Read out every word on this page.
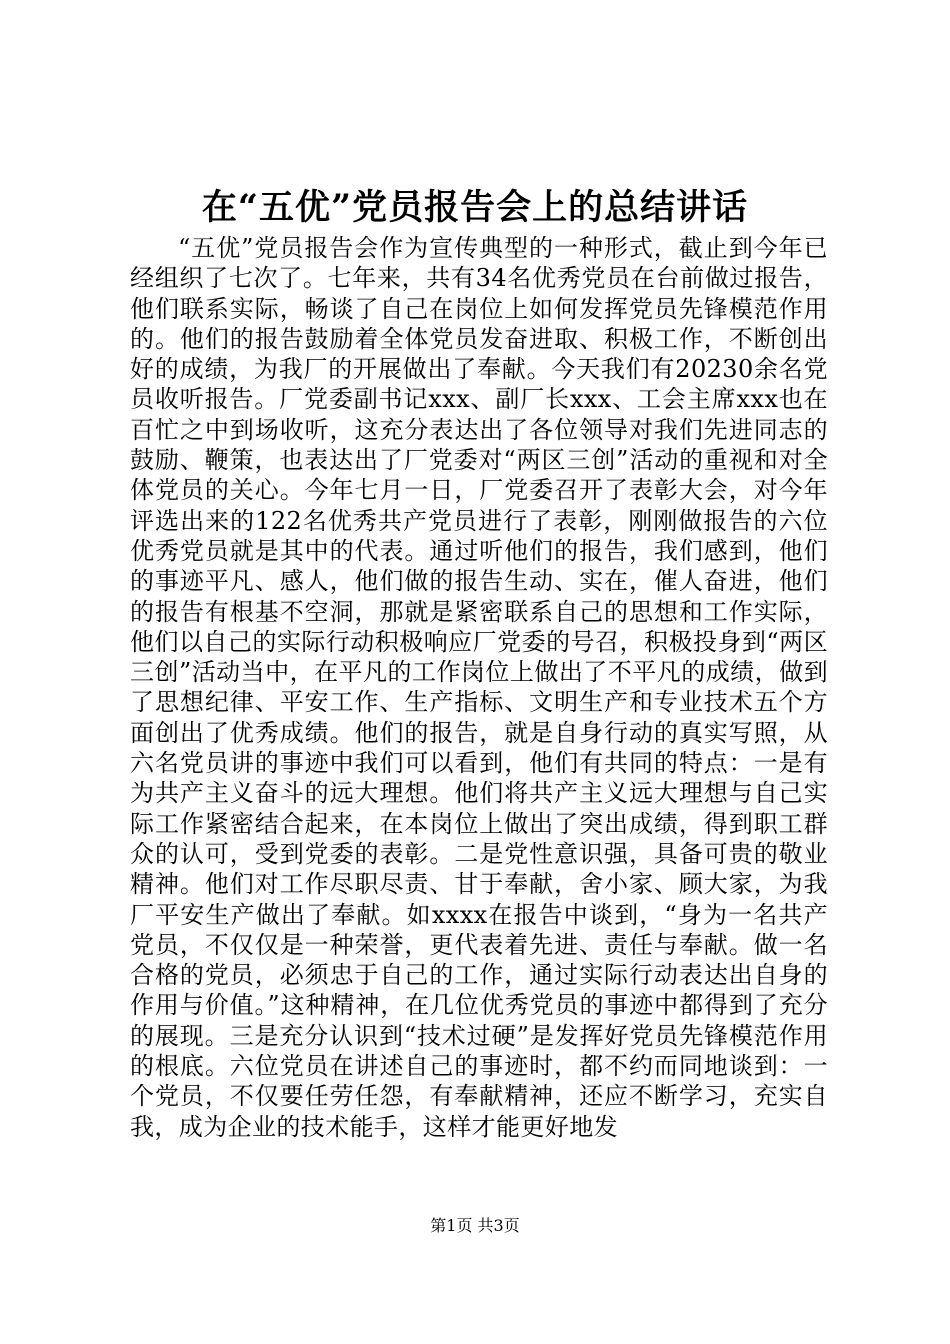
在“五优”党员报告会上的总结讲话

“五优”党员报告会作为宣传典型的一种形式，截止到今年已经组织了七次了。七年来，共有34名优秀党员在台前做过报告，他们联系实际，畅谈了自己在岗位上如何发挥党员先锋模范作用的。他们的报告鼓励着全体党员发奋进取、积极工作，不断创出好的成绩，为我厂的开展做出了奉献。今天我们有20230余名党员收听报告。厂党委副书记xxx、副厂长xxx、工会主席xxx也在百忙之中到场收听，这充分表达出了各位领导对我们先进同志的鼓励、鞭策，也表达出了厂党委对“两区三创”活动的重视和对全体党员的关心。今年七月一日，厂党委召开了表彰大会，对今年评选出来的122名优秀共产党员进行了表彰，刚刚做报告的六位优秀党员就是其中的代表。通过听他们的报告，我们感到，他们的事迹平凡、感人，他们做的报告生动、实在，催人奋进，他们的报告有根基不空洞，那就是紧密联系自己的思想和工作实际，他们以自己的实际行动积极响应厂党委的号召，积极投身到“两区三创”活动当中，在平凡的工作岗位上做出了不平凡的成绩，做到了思想纪律、平安工作、生产指标、文明生产和专业技术五个方面创出了优秀成绩。他们的报告，就是自身行动的真实写照，从六名党员讲的事迹中我们可以看到，他们有共同的特点：一是有为共产主义奋斗的远大理想。他们将共产主义远大理想与自己实际工作紧密结合起来，在本岗位上做出了突出成绩，得到职工群众的认可，受到党委的表彰。二是党性意识强，具备可贵的敬业精神。他们对工作尽职尽责、甘于奉献，舍小家、顾大家，为我厂平安生产做出了奉献。如xxxx在报告中谈到，“身为一名共产党员，不仅仅是一种荣誉，更代表着先进、责任与奉献。做一名合格的党员，必须忠于自己的工作，通过实际行动表达出自身的作用与价值。”这种精神，在几位优秀党员的事迹中都得到了充分的展现。三是充分认识到“技术过硬”是发挥好党员先锋模范作用的根底。六位党员在讲述自己的事迹时，都不约而同地谈到：一个党员，不仅要任劳任怨，有奉献精神，还应不断学习，充实自我，成为企业的技术能手，这样才能更好地发

第1页 共3页
